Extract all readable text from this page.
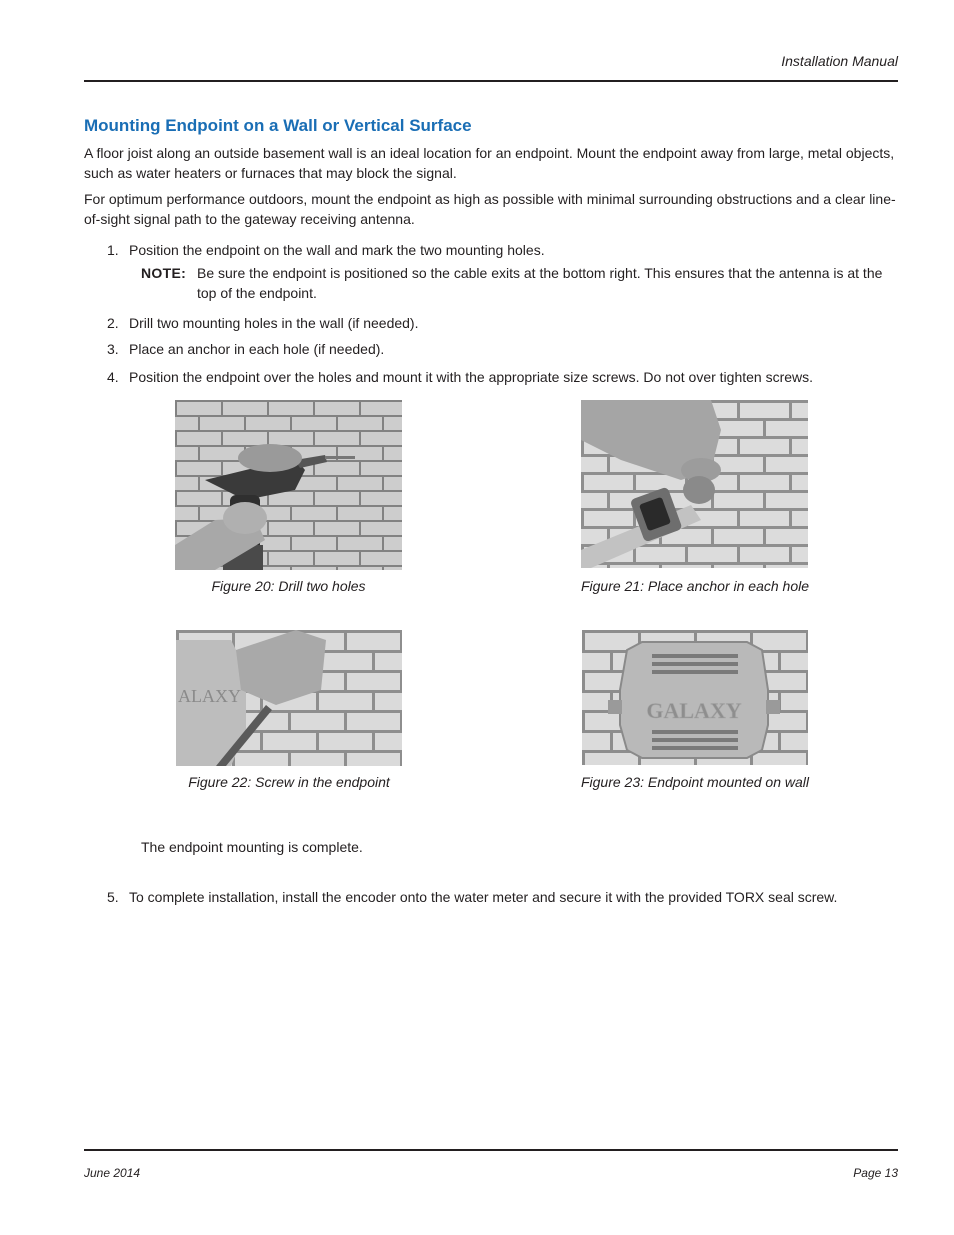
Installation Manual
Mounting Endpoint on a Wall or Vertical Surface
A floor joist along an outside basement wall is an ideal location for an endpoint. Mount the endpoint away from large, metal objects, such as water heaters or furnaces that may block the signal.
For optimum performance outdoors, mount the endpoint as high as possible with minimal surrounding obstructions and a clear line-of-sight signal path to the gateway receiving antenna.
1. Position the endpoint on the wall and mark the two mounting holes.
NOTE: Be sure the endpoint is positioned so the cable exits at the bottom right. This ensures that the antenna is at the top of the endpoint.
2. Drill two mounting holes in the wall (if needed).
3. Place an anchor in each hole (if needed).
4. Position the endpoint over the holes and mount it with the appropriate size screws. Do not over tighten screws.
Figure 20: Drill two holes	Figure 21: Place anchor in each hole
ALAXY
Figure 22: Screw in the endpoint
GALAXY
Figure 23: Endpoint mounted on wall
The endpoint mounting is complete.
5. To complete installation, install the encoder onto the water meter and secure it with the provided TORX seal screw.
June 2014	Page 13
